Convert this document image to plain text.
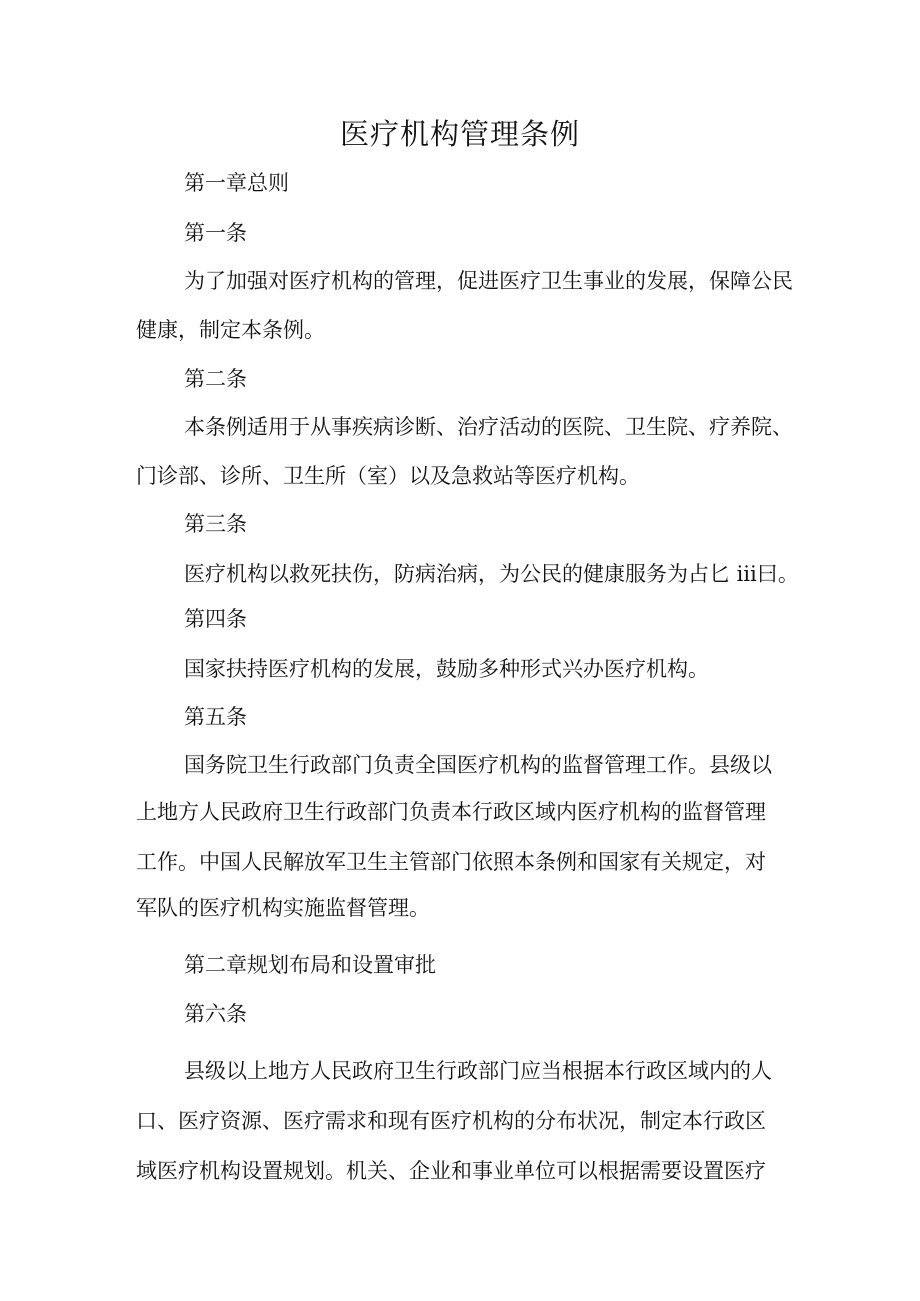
医疗机构管理条例

第一章总则

第一条

为了加强对医疗机构的管理，促进医疗卫生事业的发展，保障公民

健康，制定本条例。

第二条

本条例适用于从事疾病诊断、治疗活动的医院、卫生院、疗养院、

门诊部、诊所、卫生所（室）以及急救站等医疗机构。

第三条

医疗机构以救死扶伤，防病治病，为公民的健康服务为占匕 ⅲ曰。

第四条

国家扶持医疗机构的发展，鼓励多种形式兴办医疗机构。

第五条

国务院卫生行政部门负责全国医疗机构的监督管理工作。县级以

上地方人民政府卫生行政部门负责本行政区域内医疗机构的监督管理

工作。中国人民解放军卫生主管部门依照本条例和国家有关规定，对

军队的医疗机构实施监督管理。

第二章规划布局和设置审批

第六条

县级以上地方人民政府卫生行政部门应当根据本行政区域内的人

口、医疗资源、医疗需求和现有医疗机构的分布状况，制定本行政区

域医疗机构设置规划。机关、企业和事业单位可以根据需要设置医疗
